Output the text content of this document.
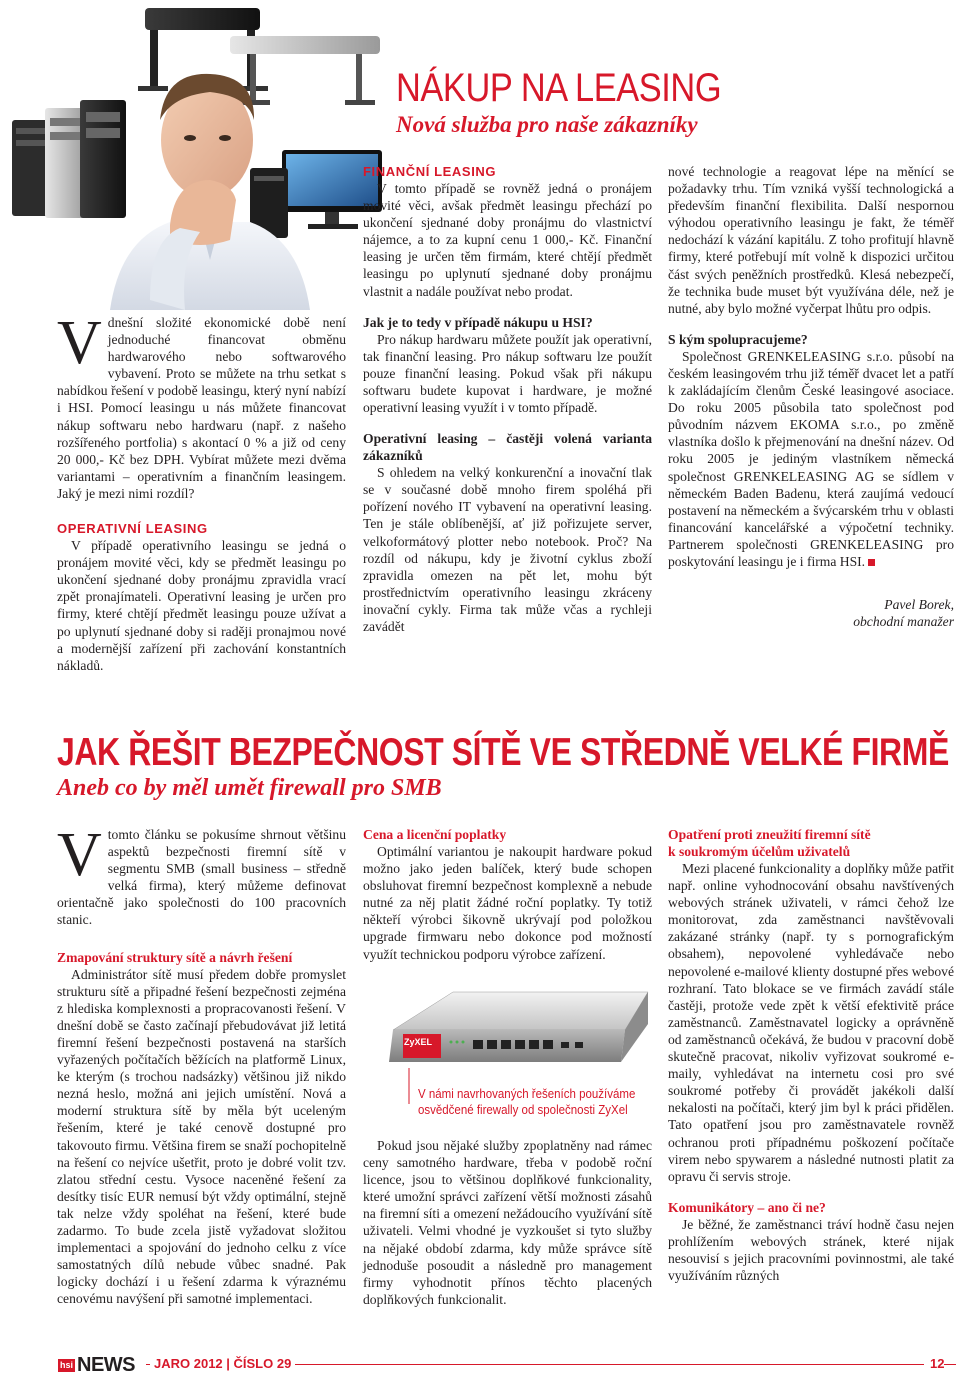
NÁKUP NA LEASING
Nová služba pro naše zákazníky

Vdnešní složité ekonomické době není jednoduché financovat obměnu hardwarového nebo softwarového vybavení. Proto se můžete na trhu setkat s nabídkou řešení v podobě leasingu, který nyní nabízí i HSI. Pomocí leasingu u nás můžete financovat nákup softwaru nebo hardwaru (např. z našeho rozšířeného portfolia) s akontací 0 % a již od ceny 20 000,- Kč bez DPH. Vybírat můžete mezi dvěma variantami – operativním a finančním leasingem. Jaký je mezi nimi rozdíl?

OPERATIVNÍ LEASING

V případě operativního leasingu se jedná o pronájem movité věci, kdy se předmět leasingu po ukončení sjednané doby pronájmu zpravidla vrací zpět pronajímateli. Operativní leasing je určen pro firmy, které chtějí předmět leasingu pouze užívat a po uplynutí sjednané doby si raději pronajmou nové a modernější zařízení při zachování konstantních nákladů.

FINANČNÍ LEASING

V tomto případě se rovněž jedná o pronájem movité věci, avšak předmět leasingu přechází po ukončení sjednané doby pronájmu do vlastnictví nájemce, a to za kupní cenu 1 000,- Kč. Finanční leasing je určen těm firmám, které chtějí předmět leasingu po uplynutí sjednané doby pronájmu vlastnit a nadále používat nebo prodat.

Jak je to tedy v případě nákupu u HSI?

Pro nákup hardwaru můžete použít jak operativní, tak finanční leasing. Pro nákup softwaru lze použít pouze finanční leasing. Pokud však při nákupu softwaru budete kupovat i hardware, je možné operativní leasing využít i v tomto případě.

Operativní leasing – častěji volená varianta zákazníků

S ohledem na velký konkurenční a inovační tlak se v současné době mnoho firem spoléhá při pořízení nového IT vybavení na operativní leasing. Ten je stále oblíbenější, ať již pořizujete server, velkoformátový plotter nebo notebook. Proč? Na rozdíl od nákupu, kdy je životní cyklus zboží zpravidla omezen na pět let, mohu být prostřednictvím operativního leasingu zkráceny inovační cykly. Firma tak může včas a rychleji zavádět

nové technologie a reagovat lépe na měnící se požadavky trhu. Tím vzniká vyšší technologická a především finanční flexibilita. Další nespornou výhodou operativního leasingu je fakt, že téměř nedochází k vázání kapitálu. Z toho profitují hlavně firmy, které potřebují mít volně k dispozici určitou část svých peněžních prostředků. Klesá nebezpečí, že technika bude muset být využívána déle, než je nutné, aby bylo možné vyčerpat lhůtu pro odpis.

S kým spolupracujeme?

Společnost GRENKELEASING s.r.o. působí na českém leasingovém trhu již téměř dvacet let a patří k zakládajícím členům České leasingové asociace. Do roku 2005 působila tato společnost pod původním názvem EKOMA s.r.o., po změně vlastníka došlo k přejmenování na dnešní název. Od roku 2005 je jediným vlastníkem německá společnost GRENKELEASING AG se sídlem v německém Baden Badenu, která zaujímá vedoucí postavení na německém a švýcarském trhu v oblasti financování kancelářské a výpočetní techniky. Partnerem společnosti GRENKELEASING pro poskytování leasingu je i firma HSI.

Pavel Borek,
obchodní manažer
JAK ŘEŠIT BEZPEČNOST SÍTĚ VE STŘEDNĚ VELKÉ FIRMĚ
Aneb co by měl umět firewall pro SMB

Vtomto článku se pokusíme shrnout většinu aspektů bezpečnosti firemní sítě v segmentu SMB (small business – středně velká firma), který můžeme definovat orientačně jako společnosti do 100 pracovních stanic.

Zmapování struktury sítě a návrh řešení

Administrátor sítě musí předem dobře promyslet strukturu sítě a připadné řešení bezpečnosti zejména z hlediska komplexnosti a propracovanosti řešení. V dnešní době se často začínají přebudovávat již letitá firemní řešení bezpečnosti postavená na starších vyřazených počítačích běžících na platformě Linux, ke kterým (s trochou nadsázky) většinou již nikdo nezná heslo, možná ani jejich umístění. Nová a moderní struktura sítě by měla být uceleným řešením, které je také cenově dostupné pro takovouto firmu. Většina firem se snaží pochopitelně na řešení co nejvíce ušetřit, proto je dobré volit tzv. zlatou střední cestu. Vysoce naceněné řešení za desítky tisíc EUR nemusí být vždy optimální, stejně tak nelze vždy spoléhat na řešení, které bude zadarmo. To bude zcela jistě vyžadovat složitou implementaci a spojování do jednoho celku z více samostatných dílů nebude vůbec snadné. Pak logicky dochází i u řešení zdarma k výraznému cenovému navýšení při samotné implementaci.

Cena a licenční poplatky

Optimální variantou je nakoupit hardware pokud možno jako jeden balíček, který bude schopen obsluhovat firemní bezpečnost komplexně a nebude nutné za něj platit žádné roční poplatky. Ty totiž někteří výrobci šikovně ukrývají pod položkou upgrade firmwaru nebo dokonce pod možností využít technickou podporu výrobce zařízení.

ZyXEL
V námi navrhovaných řešeních používáme
osvědčené firewally od společnosti ZyXel

Pokud jsou nějaké služby zpoplatněny nad rámec ceny samotného hardware, třeba v podobě roční licence, jsou to většinou doplňkové funkcionality, které umožní správci zařízení větší možnosti zásahů na firemní síti a omezení nežádoucího využívání sítě uživateli. Velmi vhodné je vyzkoušet si tyto služby na nějaké období zdarma, kdy může správce sítě jednoduše posoudit a následně pro management firmy vyhodnotit přínos těchto placených doplňkových funkcionalit.

Opatření proti zneužití firemní sítě
k soukromým účelům uživatelů

Mezi placené funkcionality a doplňky může patřit např. online vyhodnocování obsahu navštívených webových stránek uživateli, v rámci čehož lze monitorovat, zda zaměstnanci navštěvovali zakázané stránky (např. ty s pornografickým obsahem), nepovolené vyhledávače nebo nepovolené e-mailové klienty dostupné přes webové rozhraní. Tato blokace se ve firmách zavádí stále častěji, protože vede zpět k větší efektivitě práce zaměstnanců. Zaměstnavatel logicky a oprávněně od zaměstnanců očekává, že budou v pracovní době skutečně pracovat, nikoliv vyřizovat soukromé e-maily, vyhledávat na internetu cosi pro své soukromé potřeby či provádět jakékoli další nekalosti na počítači, který jim byl k práci přidělen. Tato opatření jsou pro zaměstnavatele rovněž ochranou proti případnému poškození počítače virem nebo spywarem a následné nutnosti platit za opravu či servis stroje.

Komunikátory – ano či ne?

Je běžné, že zaměstnanci tráví hodně času nejen prohlížením webových stránek, které nijak nesouvisí s jejich pracovními povinnostmi, ale také využíváním různých

hsi NEWS	JARO 2012 | ČÍSLO 29	12
